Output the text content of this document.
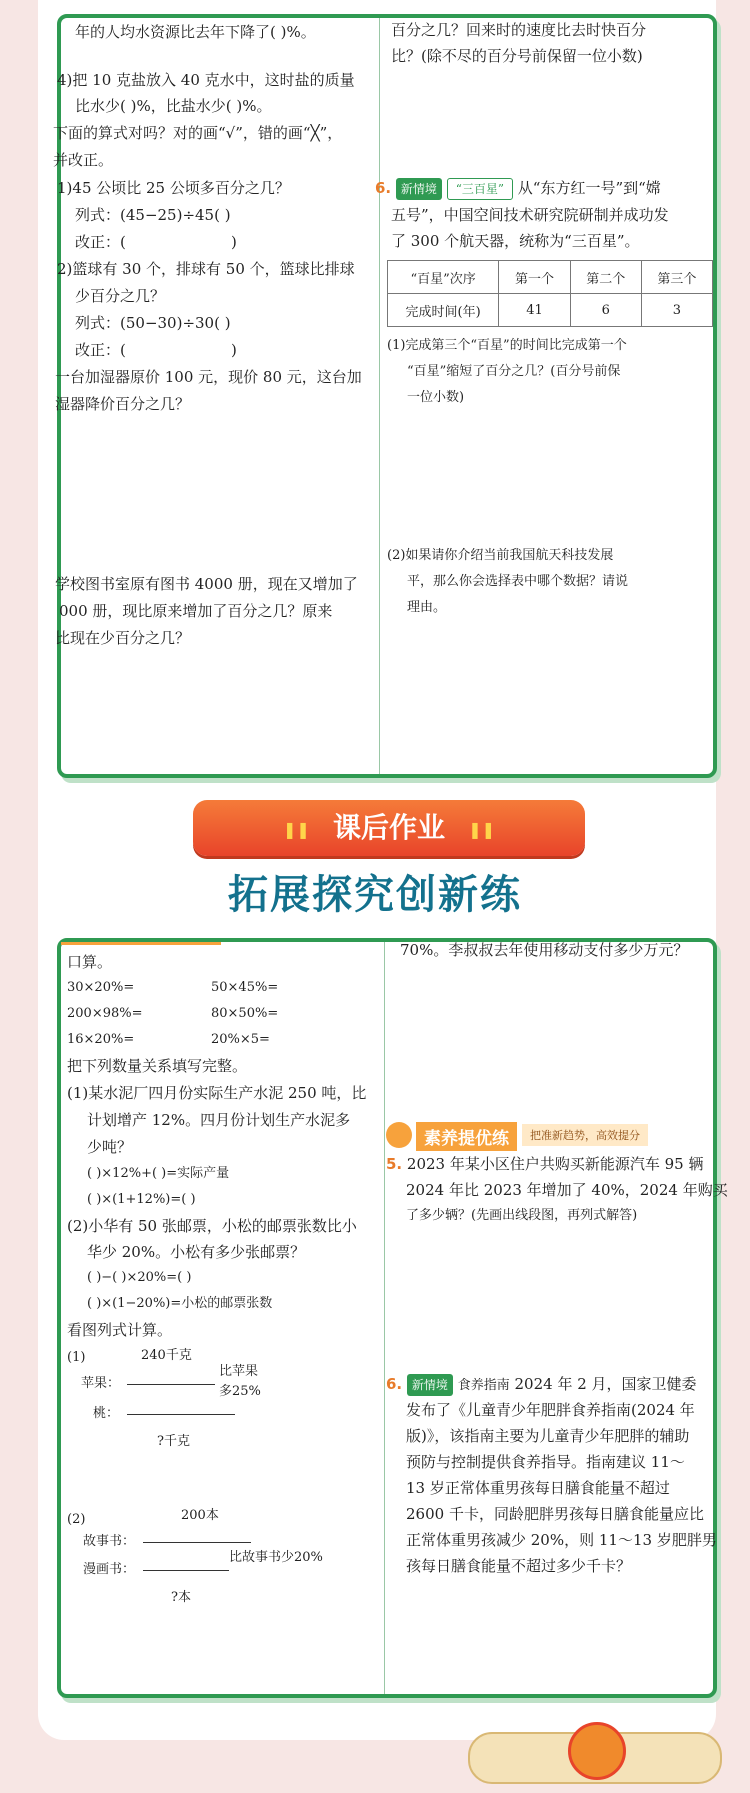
年的人均水资源比去年下降了( )%。
4)把 10 克盐放入 40 克水中，这时盐的质量
比水少( )%，比盐水少( )%。
下面的算式对吗？对的画“√”，错的画“╳”，
并改正。
1)45 公顷比 25 公顷多百分之几？
列式：(45−25)÷45( )
改正：(	)
2)篮球有 30 个，排球有 50 个，篮球比排球
少百分之几？
列式：(50−30)÷30( )
改正：(	)
一台加湿器原价 100 元，现价 80 元，这台加
湿器降价百分之几？
学校图书室原有图书 4000 册，现在又增加了
000 册，现比原来增加了百分之几？原来
比现在少百分之几？
百分之几？回来时的速度比去时快百分
比？(除不尽的百分号前保留一位小数)
6. 新情境 “三百星” 从“东方红一号”到“嫦
五号”，中国空间技术研究院研制并成功发
了 300 个航天器，统称为“三百星”。
“百星”次序	第一个	第二个	第三个
完成时间(年)	41	6	3
(1)完成第三个“百星”的时间比完成第一个
“百星”缩短了百分之几？(百分号前保
一位小数)
(2)如果请你介绍当前我国航天科技发展
平，那么你会选择表中哪个数据？请说
理由。
❚❚ 课后作业	❚❚
拓展探究创新练
口算。
30×20%=	50×45%=
200×98%=	80×50%=
16×20%=	20%×5=
把下列数量关系填写完整。
(1)某水泥厂四月份实际生产水泥 250 吨，比
计划增产 12%。四月份计划生产水泥多
少吨？
( )×12%+( )=实际产量
( )×(1+12%)=( )
(2)小华有 50 张邮票，小松的邮票张数比小
华少 20%。小松有多少张邮票？
( )−( )×20%=( )
( )×(1−20%)=小松的邮票张数
看图列式计算。
(1)	240千克
苹果：
比苹果
多25%
桃：
?千克
(2)	200本
故事书：
漫画书：
比故事书少20%
?本
70%。李叔叔去年使用移动支付多少万元？
素养提优练	把准新趋势，高效提分
5. 2023 年某小区住户共购买新能源汽车 95 辆
2024 年比 2023 年增加了 40%，2024 年购买
了多少辆？(先画出线段图，再列式解答)
6. 新情境 食养指南 2024 年 2 月，国家卫健委
发布了《儿童青少年肥胖食养指南(2024 年
版)》，该指南主要为儿童青少年肥胖的辅助
预防与控制提供食养指导。指南建议 11～
13 岁正常体重男孩每日膳食能量不超过
2600 千卡，同龄肥胖男孩每日膳食能量应比
正常体重男孩减少 20%，则 11～13 岁肥胖男
孩每日膳食能量不超过多少千卡？
